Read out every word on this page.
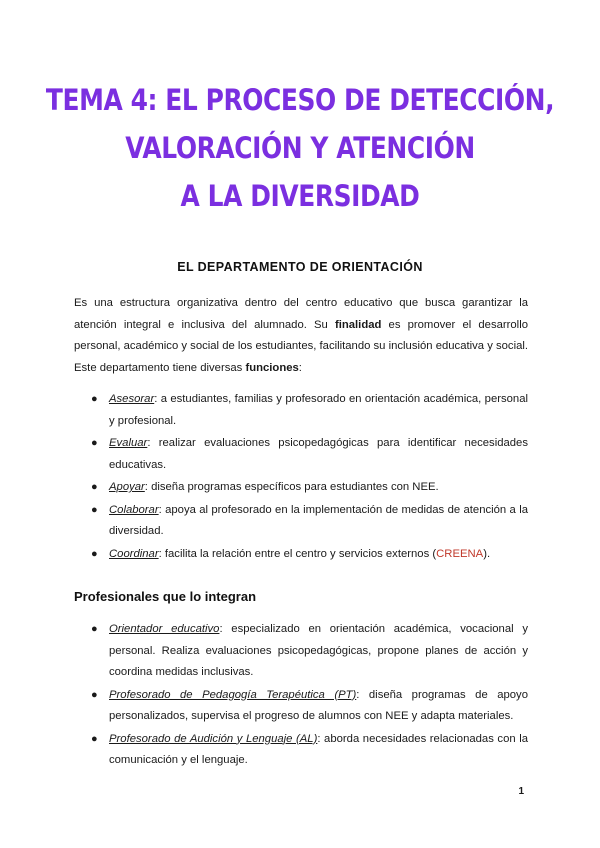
TEMA 4: EL PROCESO DE DETECCIÓN,
VALORACIÓN Y ATENCIÓN
A LA DIVERSIDAD
EL DEPARTAMENTO DE ORIENTACIÓN

Es una estructura organizativa dentro del centro educativo que busca garantizar la atención integral e inclusiva del alumnado. Su finalidad es promover el desarrollo personal, académico y social de los estudiantes, facilitando su inclusión educativa y social. Este departamento tiene diversas funciones:

● Asesorar: a estudiantes, familias y profesorado en orientación académica, personal y profesional.
● Evaluar: realizar evaluaciones psicopedagógicas para identificar necesidades educativas.
● Apoyar: diseña programas específicos para estudiantes con NEE.
● Colaborar: apoya al profesorado en la implementación de medidas de atención a la diversidad.
● Coordinar: facilita la relación entre el centro y servicios externos (CREENA).
Profesionales que lo integran
● Orientador educativo: especializado en orientación académica, vocacional y personal. Realiza evaluaciones psicopedagógicas, propone planes de acción y coordina medidas inclusivas.
● Profesorado de Pedagogía Terapéutica (PT): diseña programas de apoyo personalizados, supervisa el progreso de alumnos con NEE y adapta materiales.
● Profesorado de Audición y Lenguaje (AL): aborda necesidades relacionadas con la comunicación y el lenguaje.
1
